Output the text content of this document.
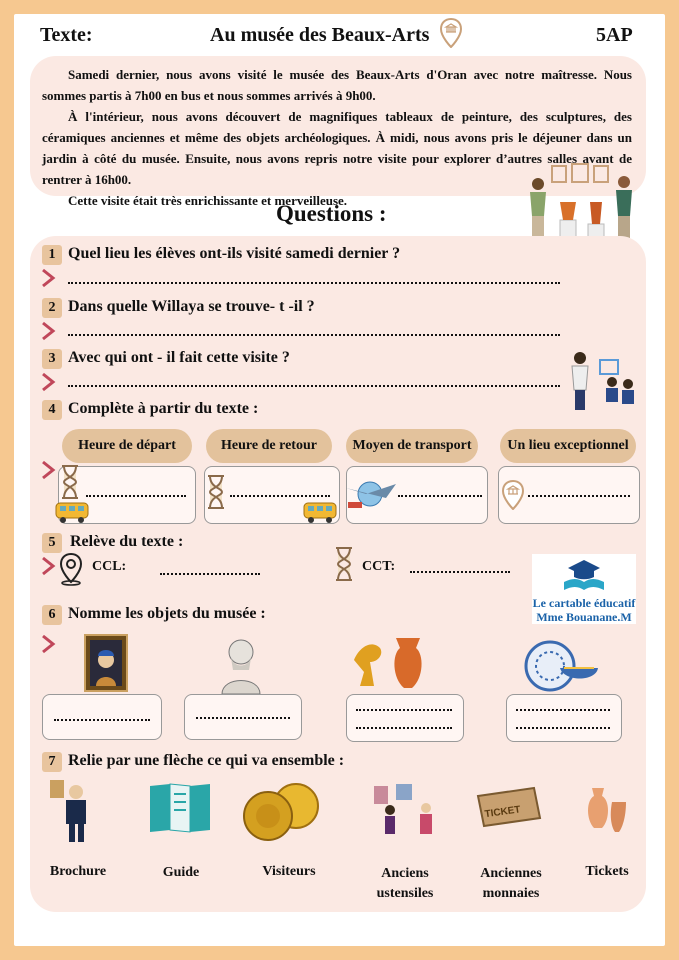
Texte:	Au musée des Beaux-Arts	5AP

Samedi dernier, nous avons visité le musée des Beaux-Arts d'Oran avec notre maîtresse. Nous sommes partis à 7h00 en bus et nous sommes arrivés à 9h00.

À l'intérieur, nous avons découvert de magnifiques tableaux de peinture, des sculptures, des céramiques anciennes et même des objets archéologiques. À midi, nous avons pris le déjeuner dans un jardin à côté du musée. Ensuite, nous avons repris notre visite pour explorer d’autres salles avant de rentrer à 16h00.

Cette visite était très enrichissante et merveilleuse.

Questions :
1 Quel lieu les élèves ont-ils visité samedi dernier ?
2 Dans quelle Willaya se trouve- t -il ?
3 Avec qui ont - il fait cette visite ?
4 Complète à partir du texte :
Heure de départ	Heure de retour	Moyen de transport	Un lieu exceptionnel
5 Relève du texte :
CCL:	CCT:
Le cartable éducatif
Mme Bouanane.M
6 Nomme les objets du musée :
7 Relie par une flèche ce qui va ensemble :
TICKET
Brochure	Guide	Visiteurs	Anciens
ustensiles
Anciennes
monnaies
Tickets
